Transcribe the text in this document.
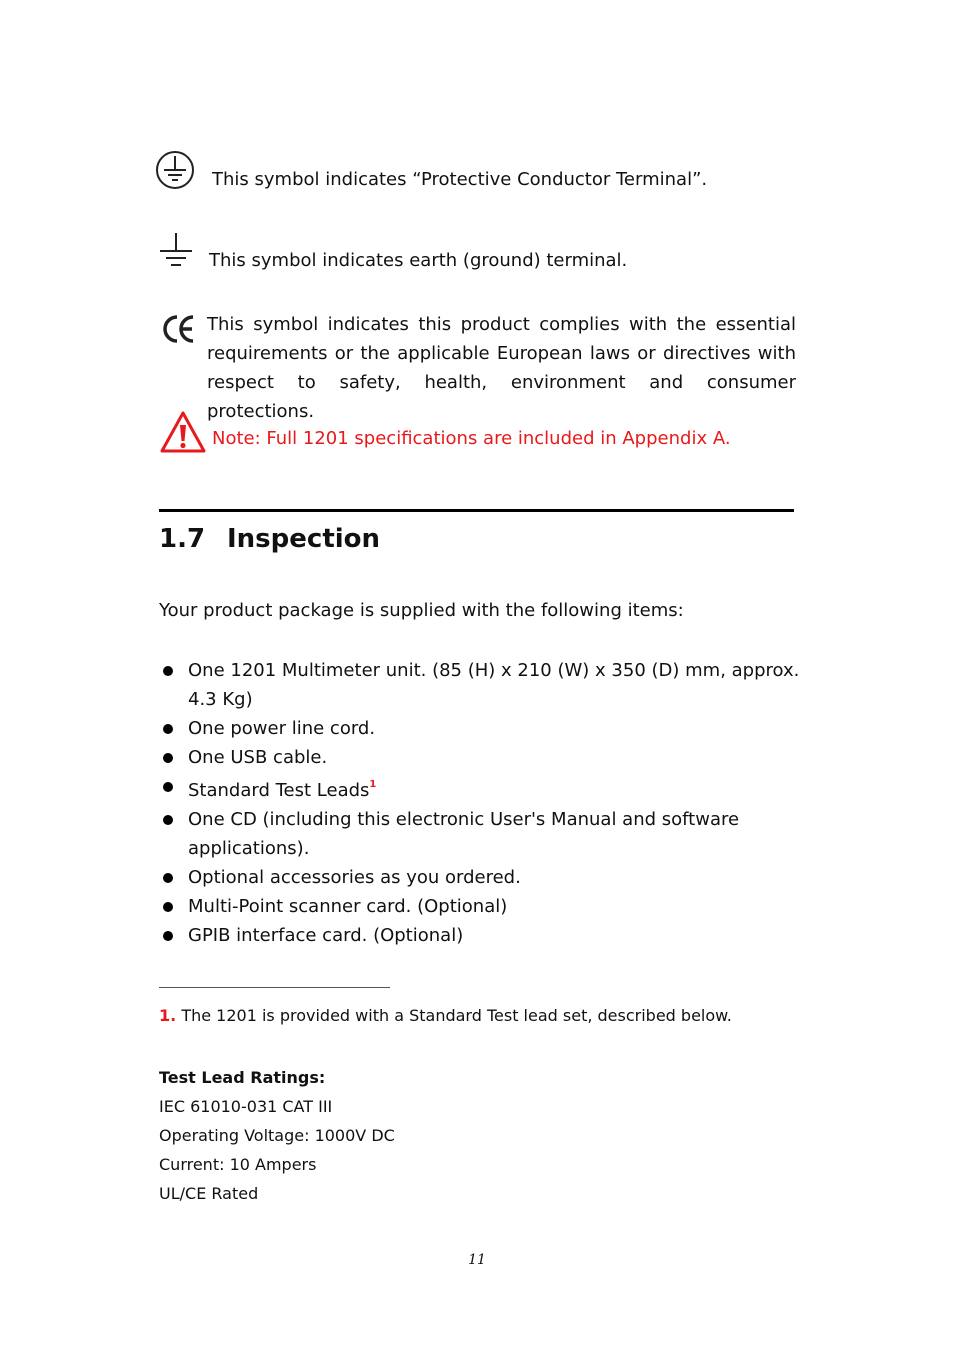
This symbol indicates “Protective Conductor Terminal”.
This symbol indicates earth (ground) terminal.
This symbol indicates this product complies with the essential requirements or the applicable European laws or directives with respect to safety, health, environment and consumer protections.
Note: Full 1201 specifications are included in Appendix A.
1.7 Inspection
Your product package is supplied with the following items:
One 1201 Multimeter unit. (85 (H) x 210 (W) x 350 (D) mm, approx. 4.3 Kg)
One power line cord.
One USB cable.
Standard Test Leads$^1$
One CD (including this electronic User's Manual and software applications).
Optional accessories as you ordered.
Multi-Point scanner card. (Optional)
GPIB interface card. (Optional)
1. The 1201 is provided with a Standard Test lead set, described below.
Test Lead Ratings:
IEC 61010-031 CAT III
Operating Voltage: 1000V DC
Current: 10 Ampers
UL/CE Rated
11
